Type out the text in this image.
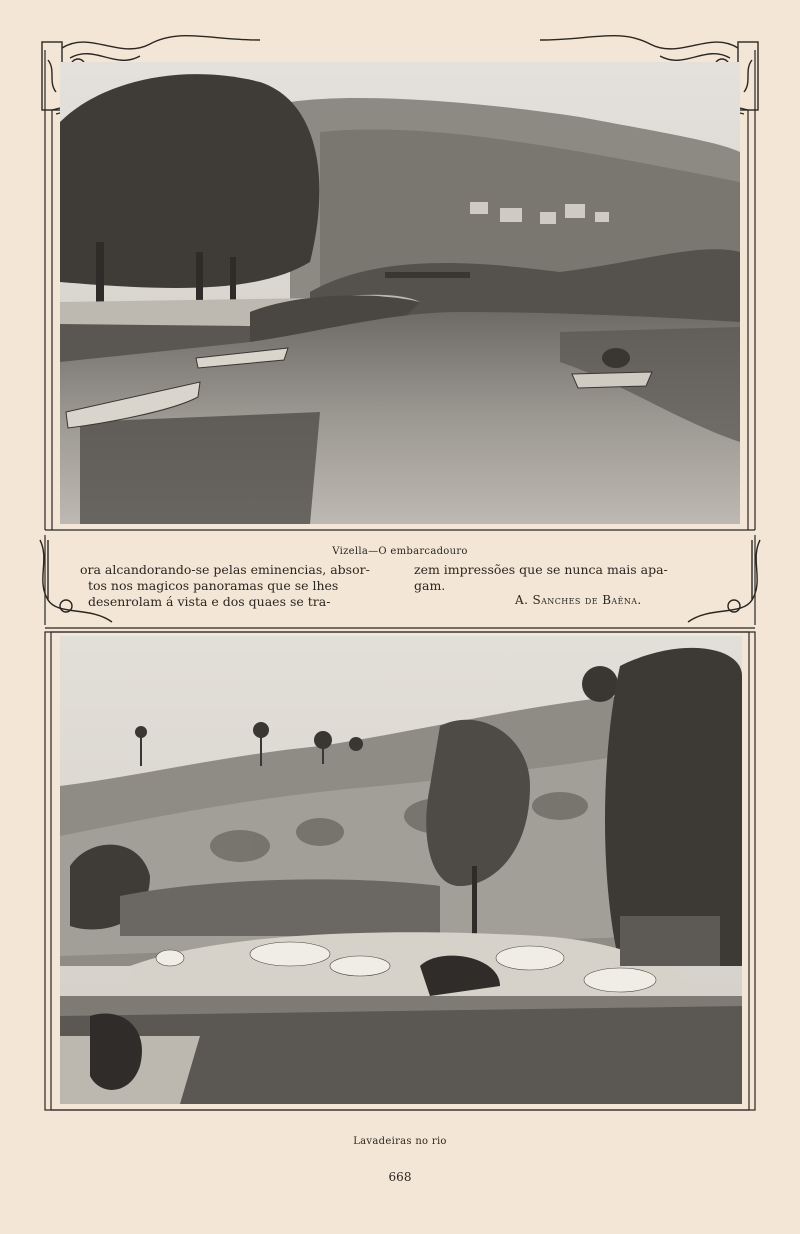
Vizella—O embarcadouro
ora alcandorando-se pelas eminencias, absor-
tos nos magicos panoramas que se lhes
desenrolam á vista e dos quaes se tra-
zem impressões que se nunca mais apa-
gam.
A. Sanches de Baêna.
Lavadeiras no rio
668
